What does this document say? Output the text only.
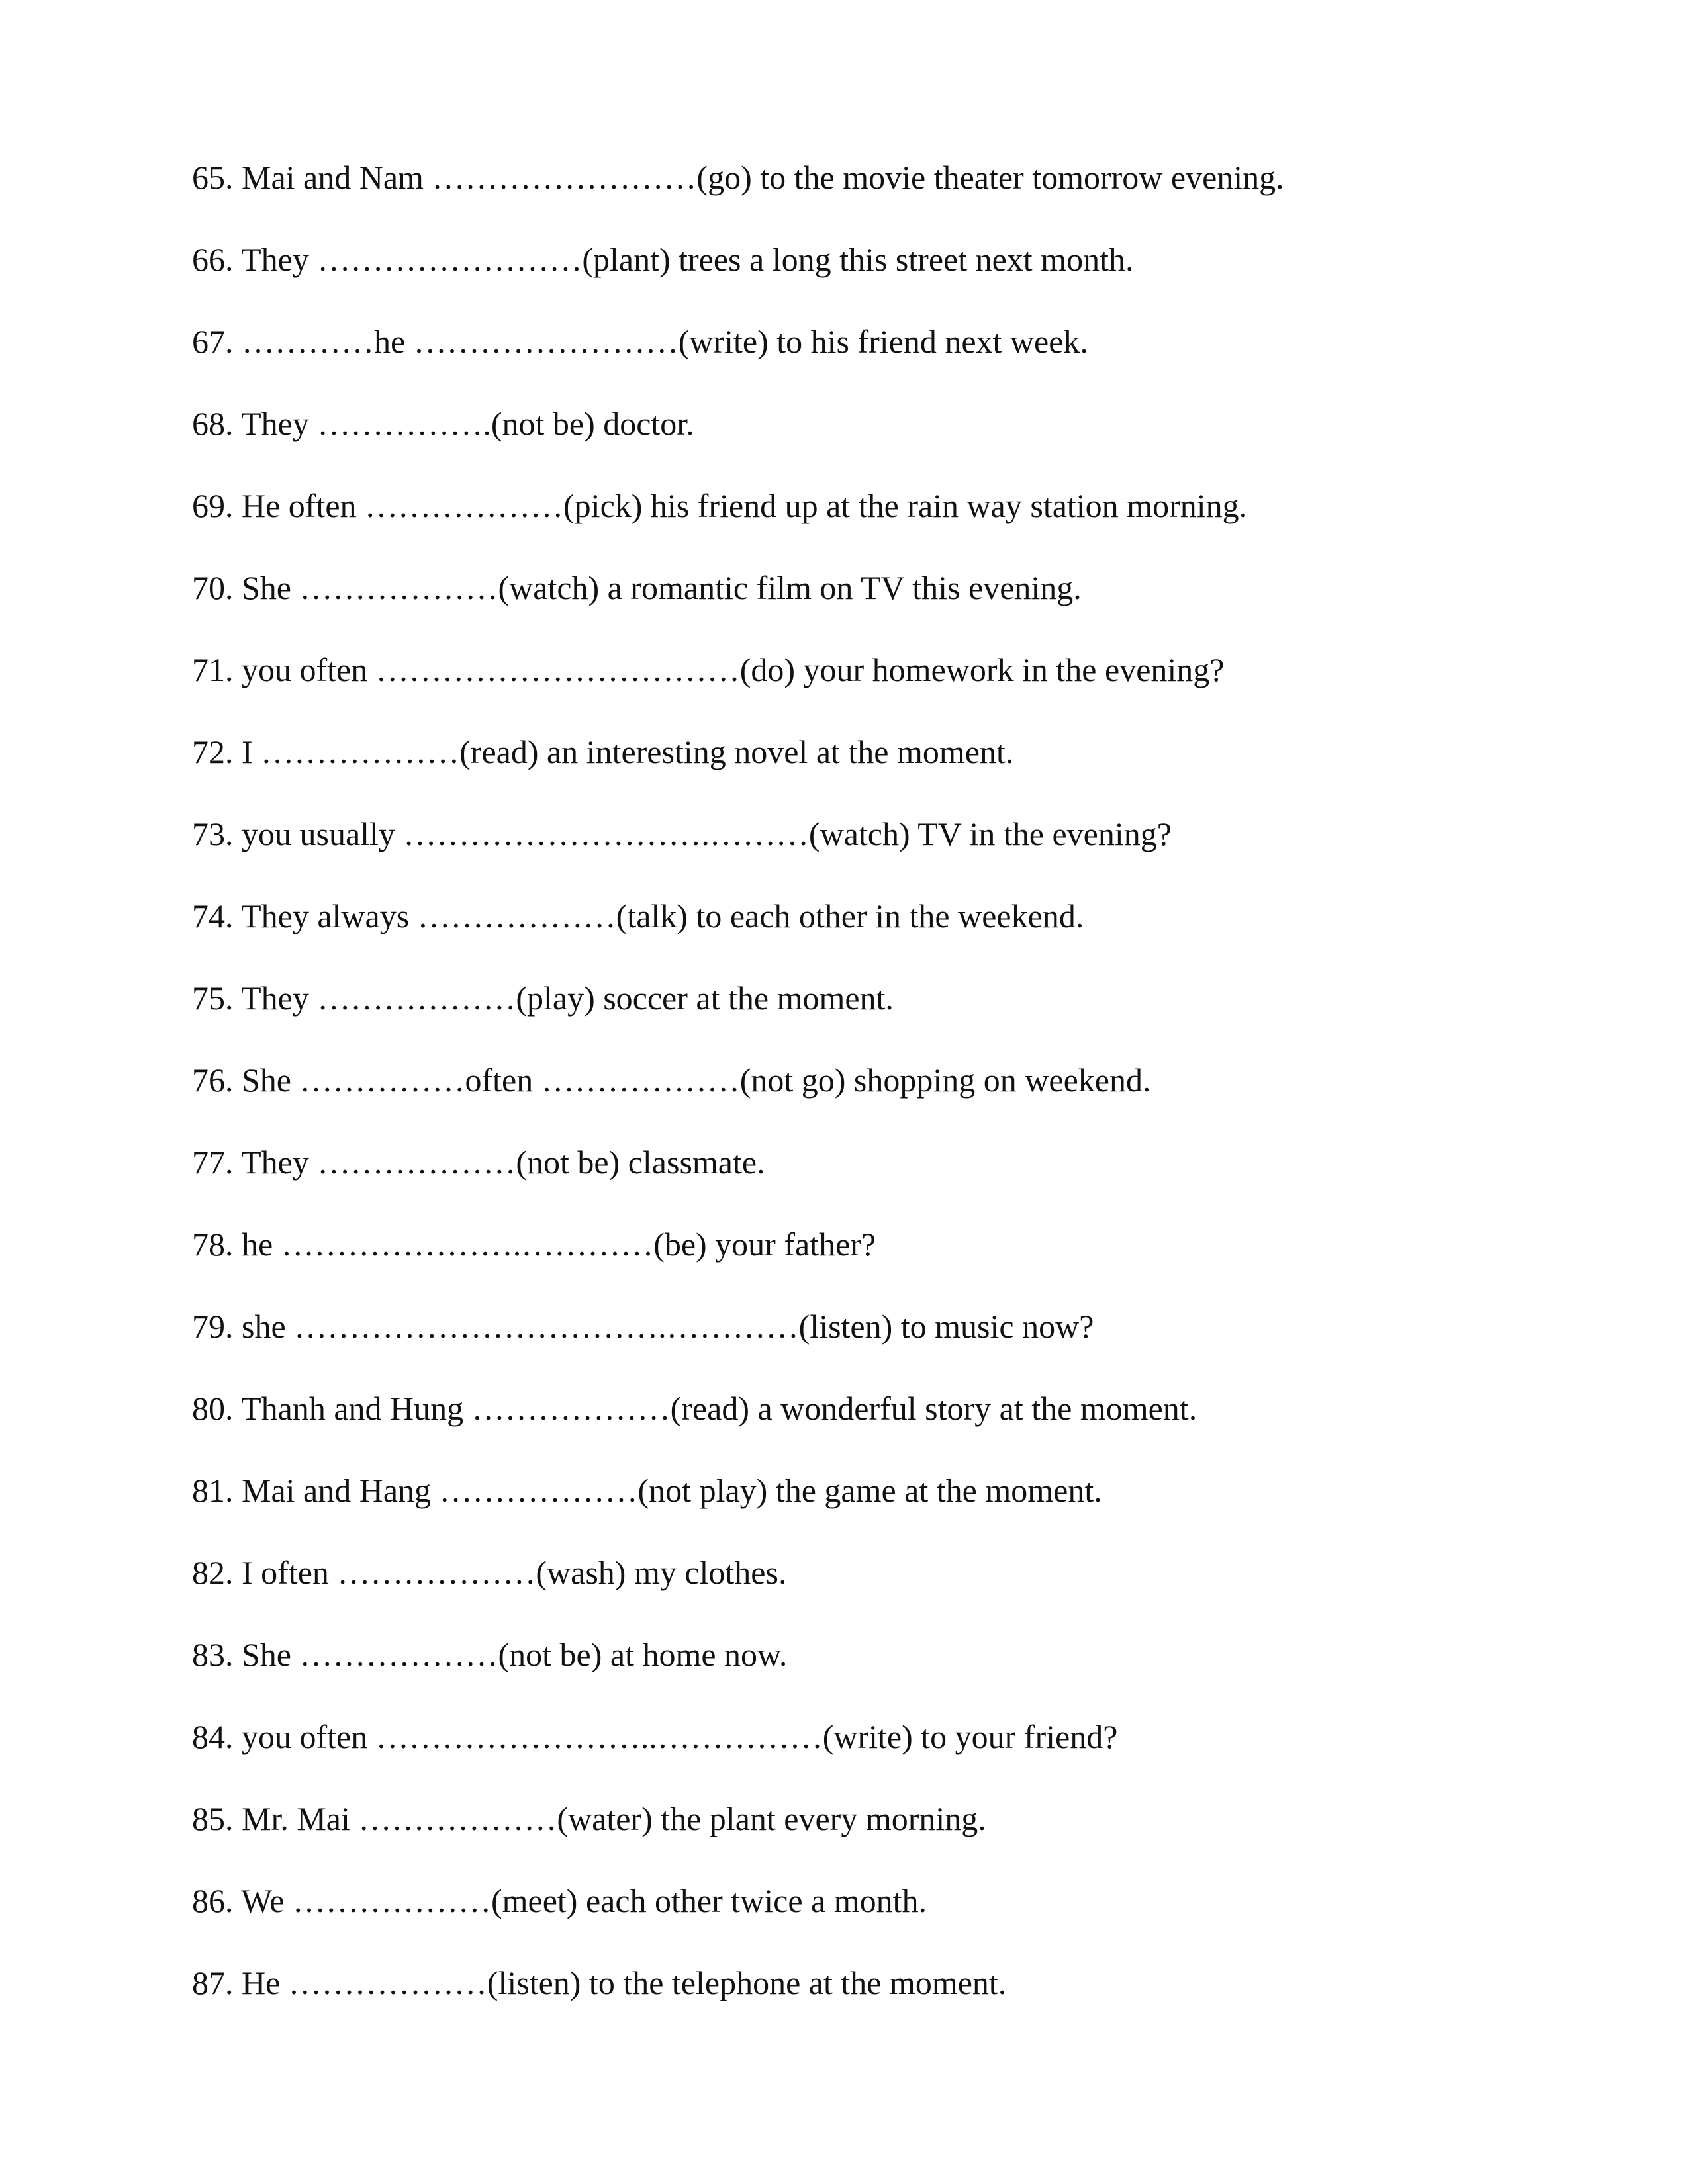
65. Mai and Nam ……………………(go) to the movie theater tomorrow evening.
66. They ……………………(plant) trees a long this street next month.
67. …………he ……………………(write) to his friend next week.
68. They …………….(not be) doctor.
69. He often ………………(pick) his friend up at the rain way station morning.
70. She ………………(watch) a romantic film on TV this evening.
71. you often ……………………………(do) your homework in the evening?
72. I ………………(read) an interesting novel at the moment.
73. you usually ……………………….………(watch) TV in the evening?
74. They always ………………(talk) to each other in the weekend.
75. They ………………(play) soccer at the moment.
76. She ……………often ………………(not go) shopping on weekend.
77. They ………………(not be) classmate.
78. he ………………….…………(be) your father?
79. she …………………………….…………(listen) to music now?
80. Thanh and Hung ………………(read) a wonderful story at the moment.
81. Mai and Hang ………………(not play) the game at the moment.
82. I often ………………(wash) my clothes.
83. She ………………(not be) at home now.
84. you often ……………………..……………(write) to your friend?
85. Mr. Mai ………………(water) the plant every morning.
86. We ………………(meet) each other twice a month.
87. He ………………(listen) to the telephone at the moment.
